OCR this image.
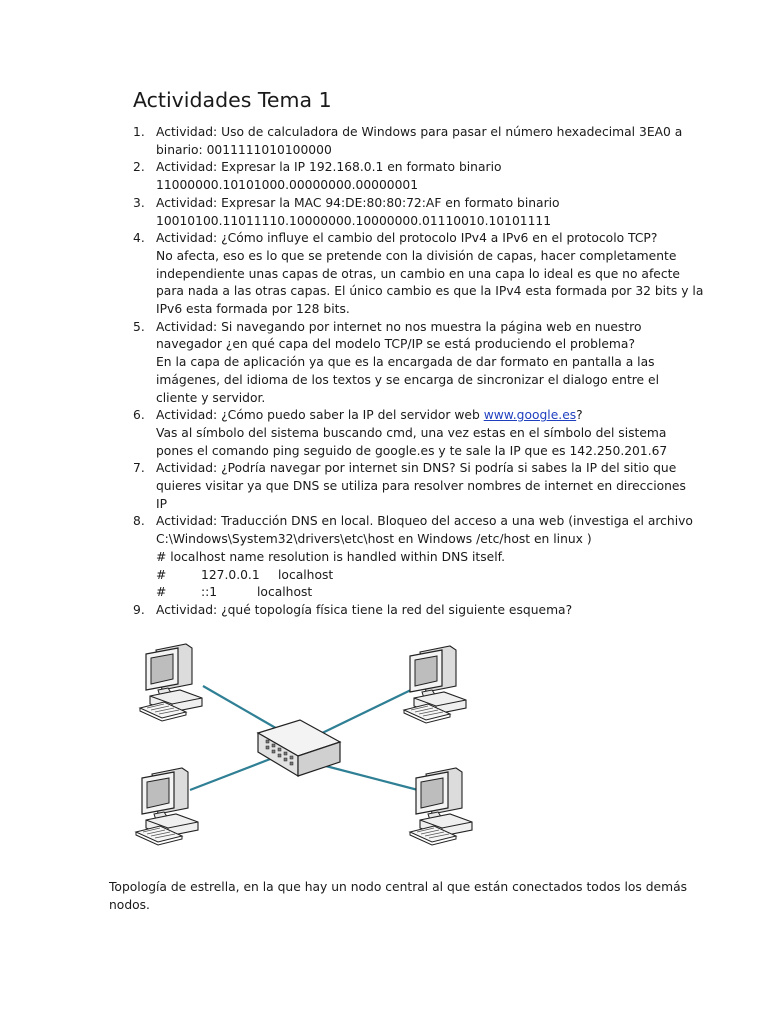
Actividades Tema 1
1. Actividad: Uso de calculadora de Windows para pasar el número hexadecimal 3EA0 a
binario: 0011111010100000
2. Actividad: Expresar la IP 192.168.0.1 en formato binario
11000000.10101000.00000000.00000001
3. Actividad: Expresar la MAC 94:DE:80:80:72:AF en formato binario
10010100.11011110.10000000.10000000.01110010.10101111
4. Actividad: ¿Cómo influye el cambio del protocolo IPv4 a IPv6 en el protocolo TCP?
No afecta, eso es lo que se pretende con la división de capas, hacer completamente
independiente unas capas de otras, un cambio en una capa lo ideal es que no afecte
para nada a las otras capas. El único cambio es que la IPv4 esta formada por 32 bits y la
IPv6 esta formada por 128 bits.
5. Actividad: Si navegando por internet no nos muestra la página web en nuestro
navegador ¿en qué capa del modelo TCP/IP se está produciendo el problema?
En la capa de aplicación ya que es la encargada de dar formato en pantalla a las
imágenes, del idioma de los textos y se encarga de sincronizar el dialogo entre el
cliente y servidor.
6. Actividad: ¿Cómo puedo saber la IP del servidor web www.google.es?
Vas al símbolo del sistema buscando cmd, una vez estas en el símbolo del sistema
pones el comando ping seguido de google.es y te sale la IP que es 142.250.201.67
7. Actividad: ¿Podría navegar por internet sin DNS? Si podría si sabes la IP del sitio que
quieres visitar ya que DNS se utiliza para resolver nombres de internet en direcciones
IP
8. Actividad: Traducción DNS en local. Bloqueo del acceso a una web (investiga el archivo
C:\Windows\System32\drivers\etc\host en Windows /etc/host en linux )
# localhost name resolution is handled within DNS itself.
#	127.0.0.1 localhost
#	::1	localhost
9. Actividad: ¿qué topología física tiene la red del siguiente esquema?
Topología de estrella, en la que hay un nodo central al que están conectados todos los demás
nodos.
